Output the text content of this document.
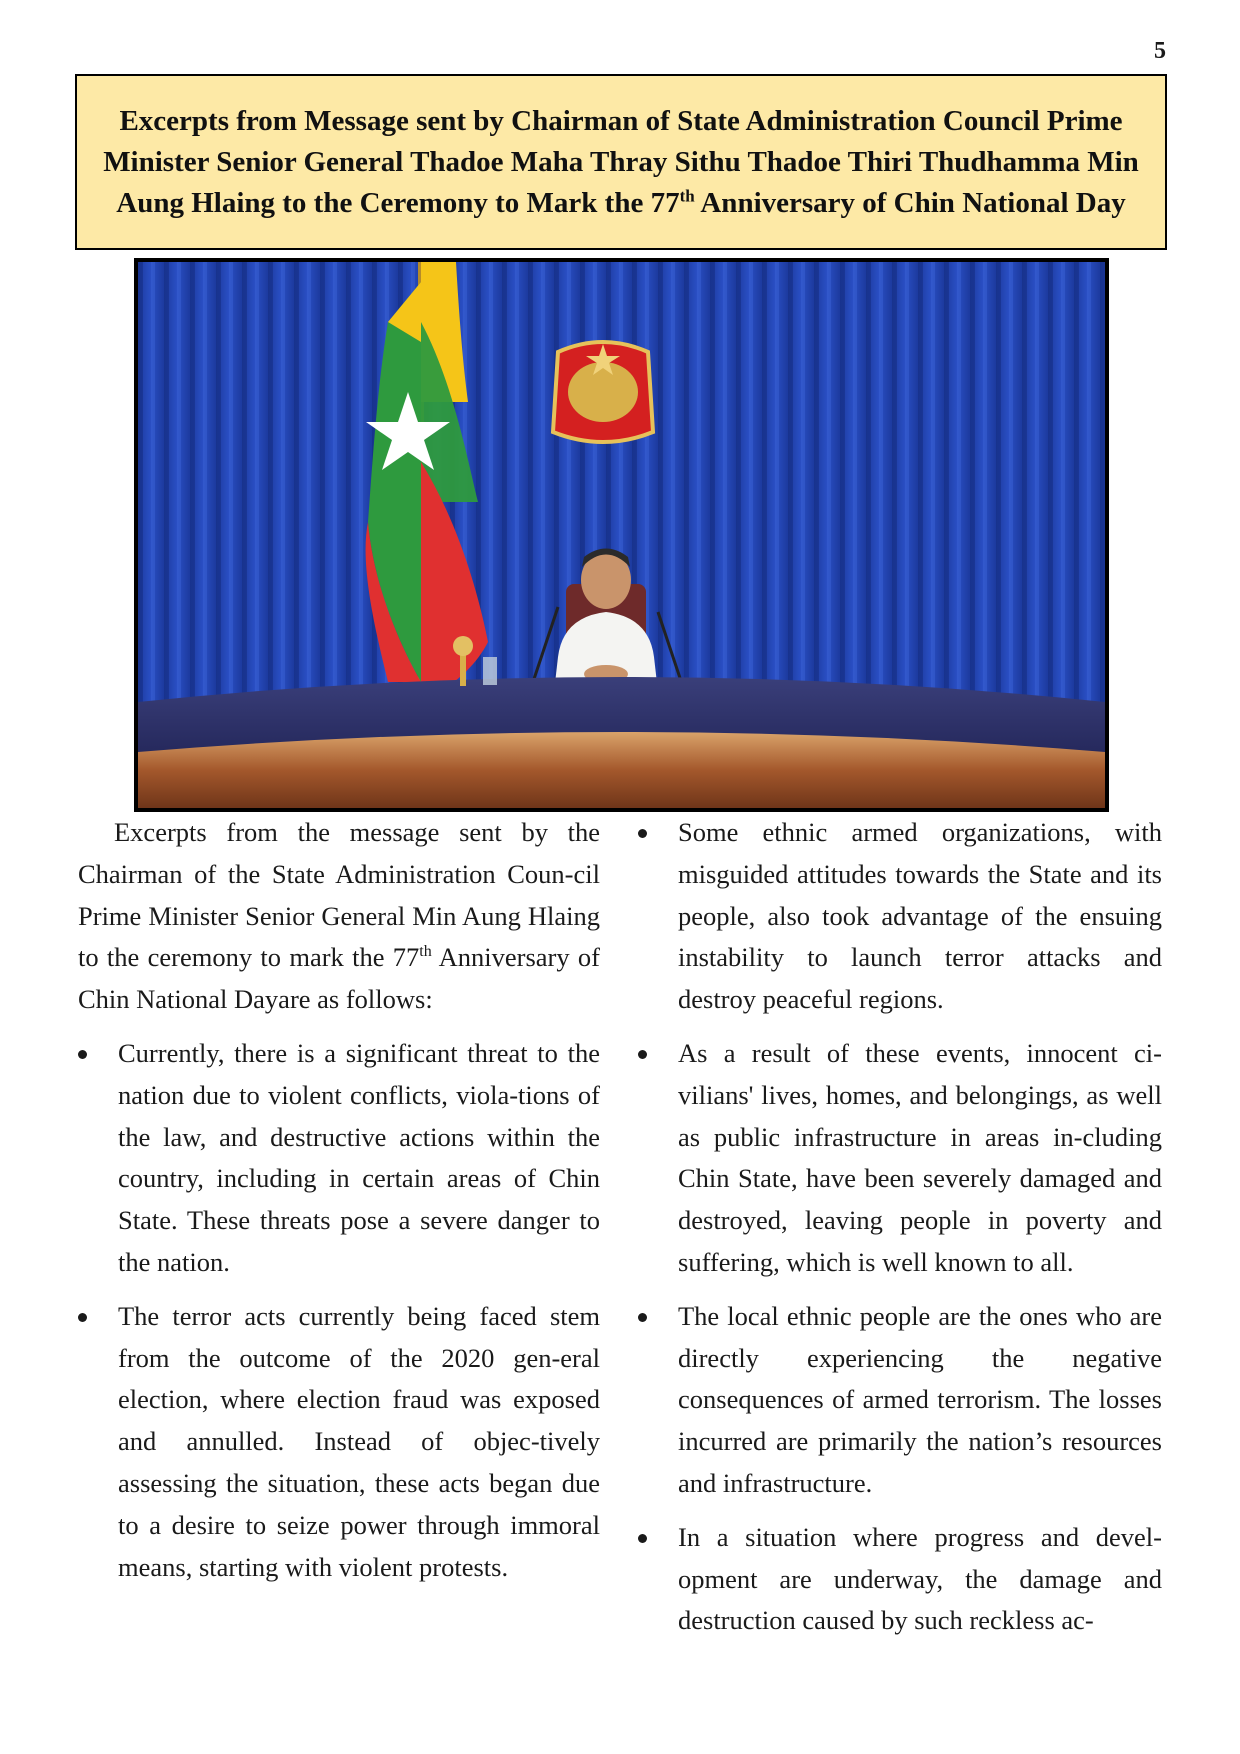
5
Excerpts from Message sent by Chairman of State Administration Council Prime Minister Senior General Thadoe Maha Thray Sithu Thadoe Thiri Thudhamma Min Aung Hlaing to the Ceremony to Mark the 77th Anniversary of Chin National Day

Excerpts from the message sent by the Chairman of the State Administration Coun-cil Prime Minister Senior General Min Aung Hlaing to the ceremony to mark the 77th Anniversary of Chin National Dayare as follows:

Currently, there is a significant threat to the nation due to violent conflicts, viola-tions of the law, and destructive actions within the country, including in certain areas of Chin State. These threats pose a severe danger to the nation.
The terror acts currently being faced stem from the outcome of the 2020 gen-eral election, where election fraud was exposed and annulled. Instead of objec-tively assessing the situation, these acts began due to a desire to seize power through immoral means, starting with violent protests.
Some ethnic armed organizations, with misguided attitudes towards the State and its people, also took advantage of the ensuing instability to launch terror attacks and destroy peaceful regions.
As a result of these events, innocent ci-vilians' lives, homes, and belongings, as well as public infrastructure in areas in-cluding Chin State, have been severely damaged and destroyed, leaving people in poverty and suffering, which is well known to all.
The local ethnic people are the ones who are directly experiencing the negative consequences of armed terrorism. The losses incurred are primarily the nation’s resources and infrastructure.
In a situation where progress and devel-opment are underway, the damage and destruction caused by such reckless ac-
